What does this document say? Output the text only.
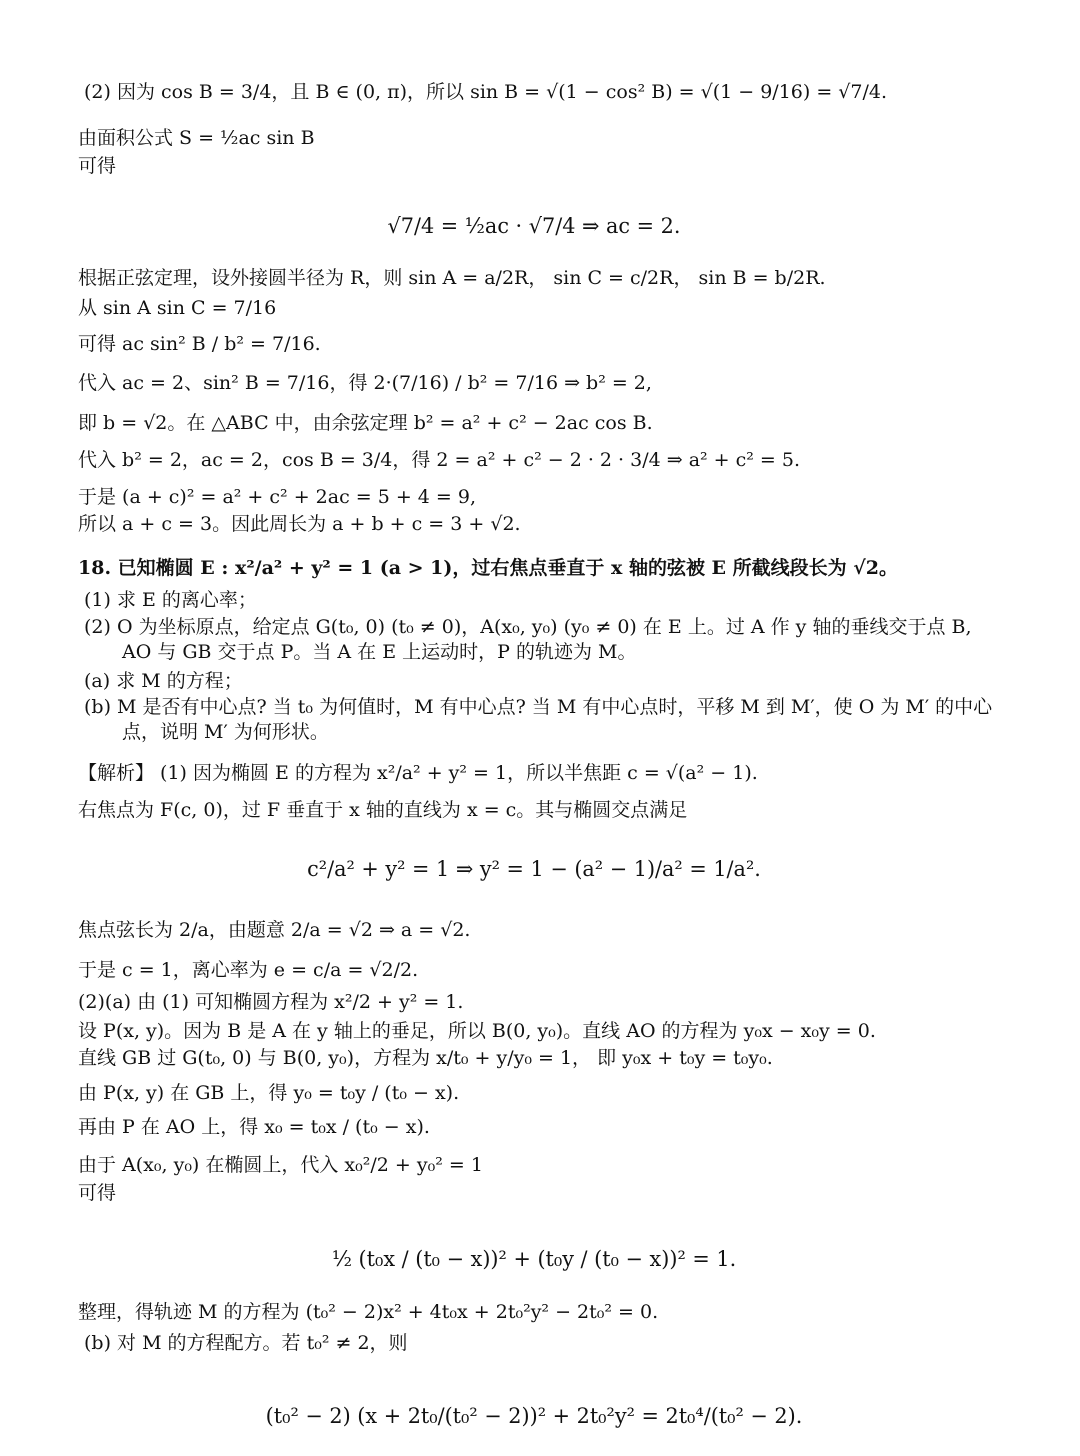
(2) 因为 cos B = 3/4，且 B ∈ (0, π)，所以 sin B = √(1 − cos² B) = √(1 − 9/16) = √7/4.
由面积公式 S = ½ac sin B
可得
√7/4 = ½ac · √7/4 ⇒ ac = 2.
根据正弦定理，设外接圆半径为 R，则 sin A = a/2R， sin C = c/2R， sin B = b/2R.
从 sin A sin C = 7/16
可得 ac sin² B / b² = 7/16.
代入 ac = 2、sin² B = 7/16，得 2·(7/16) / b² = 7/16 ⇒ b² = 2,
即 b = √2。在 △ABC 中，由余弦定理 b² = a² + c² − 2ac cos B.
代入 b² = 2，ac = 2，cos B = 3/4，得 2 = a² + c² − 2 · 2 · 3/4 ⇒ a² + c² = 5.
于是 (a + c)² = a² + c² + 2ac = 5 + 4 = 9,
所以 a + c = 3。因此周长为 a + b + c = 3 + √2.
18. 已知椭圆 E : x²/a² + y² = 1 (a > 1)，过右焦点垂直于 x 轴的弦被 E 所截线段长为 √2。
(1) 求 E 的离心率；
(2) O 为坐标原点，给定点 G(t₀, 0) (t₀ ≠ 0)，A(x₀, y₀) (y₀ ≠ 0) 在 E 上。过 A 作 y 轴的垂线交于点 B,
AO 与 GB 交于点 P。当 A 在 E 上运动时，P 的轨迹为 M。
(a) 求 M 的方程；
(b) M 是否有中心点? 当 t₀ 为何值时，M 有中心点? 当 M 有中心点时，平移 M 到 M′，使 O 为 M′ 的中心
点，说明 M′ 为何形状。
【解析】 (1) 因为椭圆 E 的方程为 x²/a² + y² = 1，所以半焦距 c = √(a² − 1).
右焦点为 F(c, 0)，过 F 垂直于 x 轴的直线为 x = c。其与椭圆交点满足
c²/a² + y² = 1 ⇒ y² = 1 − (a² − 1)/a² = 1/a².
焦点弦长为 2/a，由题意 2/a = √2 ⇒ a = √2.
于是 c = 1，离心率为 e = c/a = √2/2.
(2)(a) 由 (1) 可知椭圆方程为 x²/2 + y² = 1.
设 P(x, y)。因为 B 是 A 在 y 轴上的垂足，所以 B(0, y₀)。直线 AO 的方程为 y₀x − x₀y = 0.
直线 GB 过 G(t₀, 0) 与 B(0, y₀)，方程为 x/t₀ + y/y₀ = 1， 即 y₀x + t₀y = t₀y₀.
由 P(x, y) 在 GB 上，得 y₀ = t₀y / (t₀ − x).
再由 P 在 AO 上，得 x₀ = t₀x / (t₀ − x).
由于 A(x₀, y₀) 在椭圆上，代入 x₀²/2 + y₀² = 1
可得
½ (t₀x / (t₀ − x))² + (t₀y / (t₀ − x))² = 1.
整理，得轨迹 M 的方程为 (t₀² − 2)x² + 4t₀x + 2t₀²y² − 2t₀² = 0.
(b) 对 M 的方程配方。若 t₀² ≠ 2，则
(t₀² − 2) (x + 2t₀/(t₀² − 2))² + 2t₀²y² = 2t₀⁴/(t₀² − 2).
